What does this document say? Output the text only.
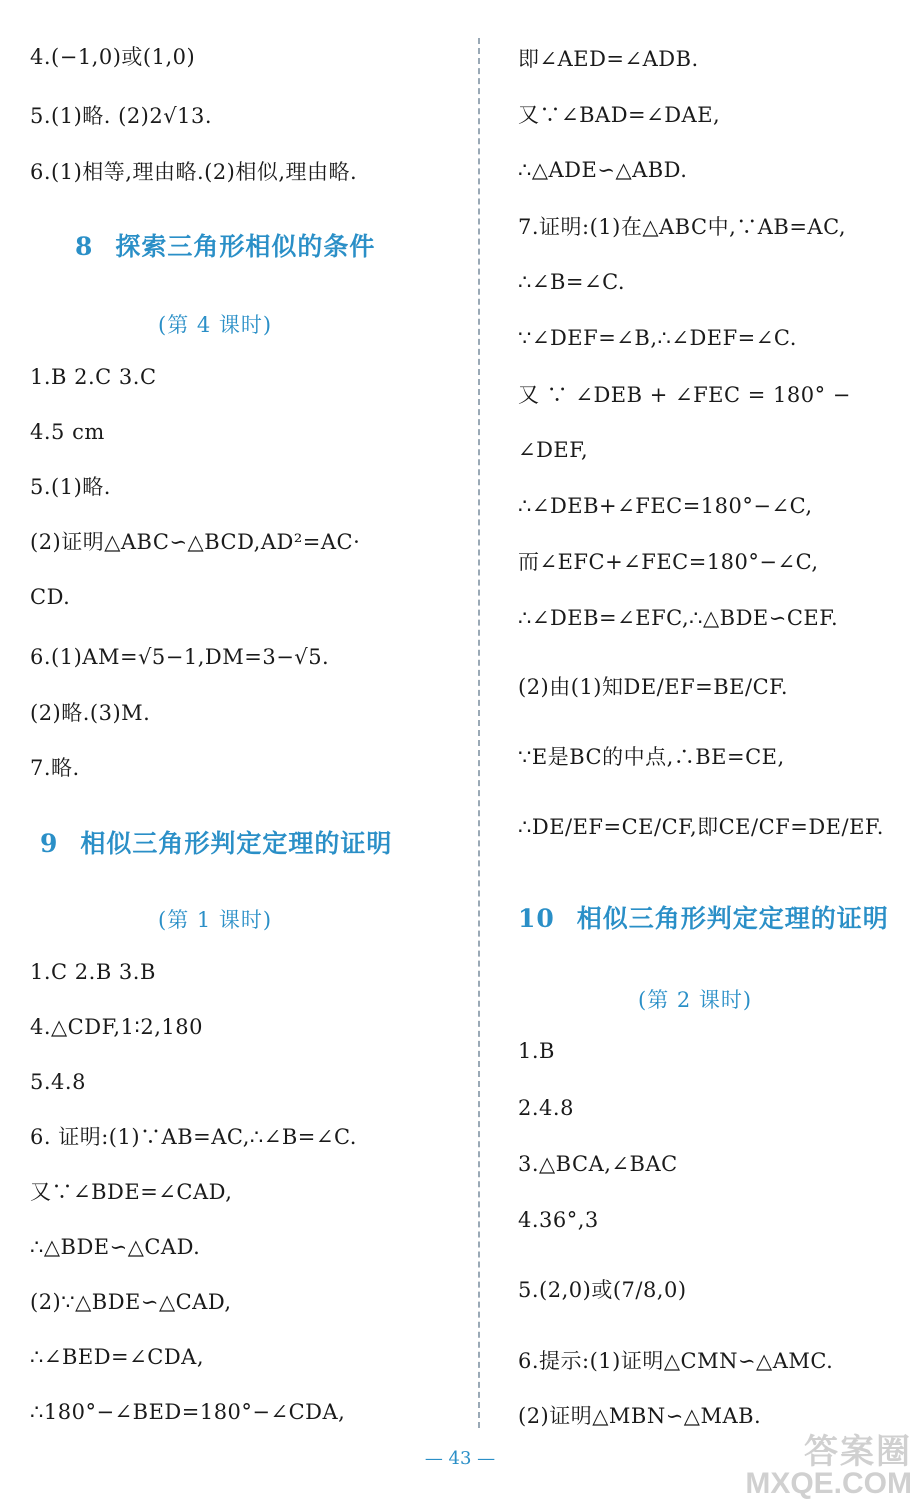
4.(−1,0)或(1,0)
5.(1)略. (2)2√13.
6.(1)相等,理由略.(2)相似,理由略.
8 探索三角形相似的条件
(第 4 课时)
1.B 2.C 3.C
4.5 cm
5.(1)略.
(2)证明△ABC∽△BCD,AD²=AC·
CD.
6.(1)AM=√5−1,DM=3−√5.
(2)略.(3)M.
7.略.
9 相似三角形判定定理的证明
(第 1 课时)
1.C 2.B 3.B
4.△CDF,1∶2,180
5.4.8
6. 证明:(1)∵AB=AC,∴∠B=∠C.
又∵∠BDE=∠CAD,
∴△BDE∽△CAD.
(2)∵△BDE∽△CAD,
∴∠BED=∠CDA,
∴180°−∠BED=180°−∠CDA,
即∠AED=∠ADB.
又∵∠BAD=∠DAE,
∴△ADE∽△ABD.
7.证明:(1)在△ABC中,∵AB=AC,
∴∠B=∠C.
∵∠DEF=∠B,∴∠DEF=∠C.
又 ∵ ∠DEB + ∠FEC = 180° −
∠DEF,
∴∠DEB+∠FEC=180°−∠C,
而∠EFC+∠FEC=180°−∠C,
∴∠DEB=∠EFC,∴△BDE∽CEF.
(2)由(1)知DE/EF=BE/CF.
∵E是BC的中点,∴BE=CE,
∴DE/EF=CE/CF,即CE/CF=DE/EF.
10 相似三角形判定定理的证明
(第 2 课时)
1.B
2.4.8
3.△BCA,∠BAC
4.36°,3
5.(2,0)或(7/8,0)
6.提示:(1)证明△CMN∽△AMC.
(2)证明△MBN∽△MAB.
— 43 —	答案圈
MXQE.COM
